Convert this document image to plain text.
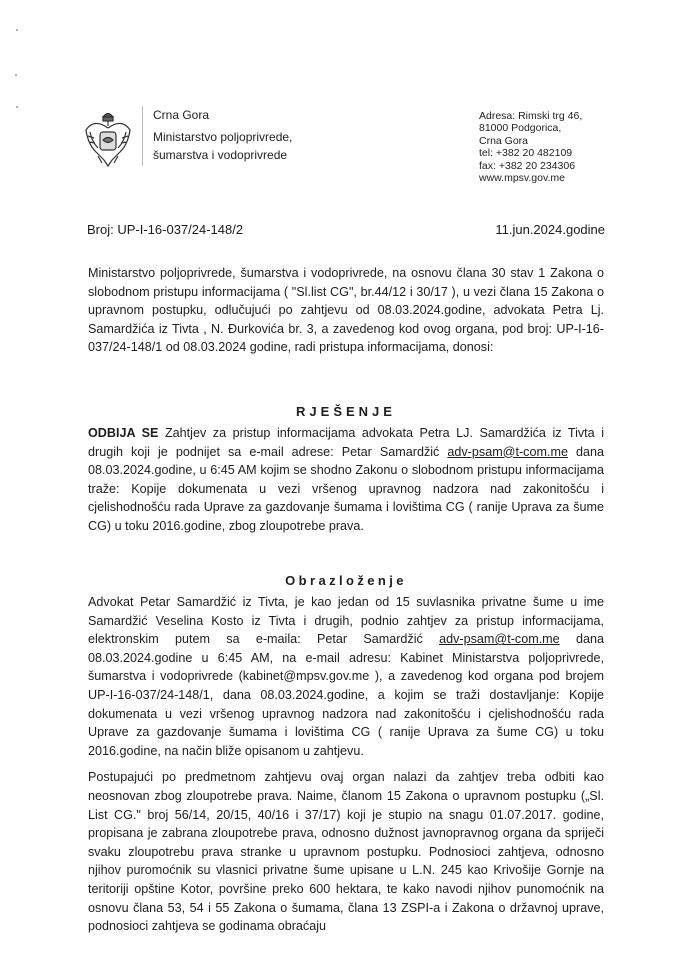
Crna Gora
Ministarstvo poljoprivrede,
šumarstva i vodoprivrede
Adresa: Rimski trg 46,
81000 Podgorica,
Crna Gora
tel: +382 20 482109
fax: +382 20 234306
www.mpsv.gov.me
Broj: UP-I-16-037/24-148/2	11.jun.2024.godine

Ministarstvo poljoprivrede, šumarstva i vodoprivrede, na osnovu člana 30 stav 1 Zakona o slobodnom pristupu informacijama ( "Sl.list CG", br.44/12 i 30/17 ), u vezi člana 15 Zakona o upravnom postupku, odlučujući po zahtjevu od 08.03.2024.godine, advokata Petra Lj. Samardžića iz Tivta , N. Đurkovića br. 3, a zavedenog kod ovog organa, pod broj: UP-I-16-037/24-148/1 od 08.03.2024 godine, radi pristupa informacijama, donosi:

RJEŠENJE

ODBIJA SE Zahtjev za pristup informacijama advokata Petra LJ. Samardžića iz Tivta i drugih koji je podnijet sa e-mail adrese: Petar Samardžić adv-psam@t-com.me dana 08.03.2024.godine, u 6:45 AM kojim se shodno Zakonu o slobodnom pristupu informacijama traže: Kopije dokumenata u vezi vršenog upravnog nadzora nad zakonitošću i cjelishodnošću rada Uprave za gazdovanje šumama i lovištima CG ( ranije Uprava za šume CG) u toku 2016.godine, zbog zloupotrebe prava.

Obrazloženje

Advokat Petar Samardžić iz Tivta, je kao jedan od 15 suvlasnika privatne šume u ime Samardžić Veselina Kosto iz Tivta i drugih, podnio zahtjev za pristup informacijama, elektronskim putem sa e-maila: Petar Samardžić adv-psam@t-com.me dana 08.03.2024.godine u 6:45 AM, na e-mail adresu: Kabinet Ministarstva poljoprivrede, šumarstva i vodoprivrede (kabinet@mpsv.gov.me ), a zavedenog kod organa pod brojem UP-I-16-037/24-148/1, dana 08.03.2024.godine, a kojim se traži dostavljanje: Kopije dokumenata u vezi vršenog upravnog nadzora nad zakonitošću i cjelishodnošću rada Uprave za gazdovanje šumama i lovištima CG ( ranije Uprava za šume CG) u toku 2016.godine, na način bliže opisanom u zahtjevu.

Postupajući po predmetnom zahtjevu ovaj organ nalazi da zahtjev treba odbiti kao neosnovan zbog zloupotrebe prava. Naime, članom 15 Zakona o upravnom postupku („Sl. List CG." broj 56/14, 20/15, 40/16 i 37/17) koji je stupio na snagu 01.07.2017. godine, propisana je zabrana zloupotrebe prava, odnosno dužnost javnopravnog organa da spriječi svaku zloupotrebu prava stranke u upravnom postupku. Podnosioci zahtjeva, odnosno njihov puromoćnik su vlasnici privatne šume upisane u L.N. 245 kao Krivošije Gornje na teritoriji opštine Kotor, površine preko 600 hektara, te kako navodi njihov punomoćnik na osnovu člana 53, 54 i 55 Zakona o šumama, člana 13 ZSPI-a i Zakona o državnoj uprave, podnosioci zahtjeva se godinama obraćaju
